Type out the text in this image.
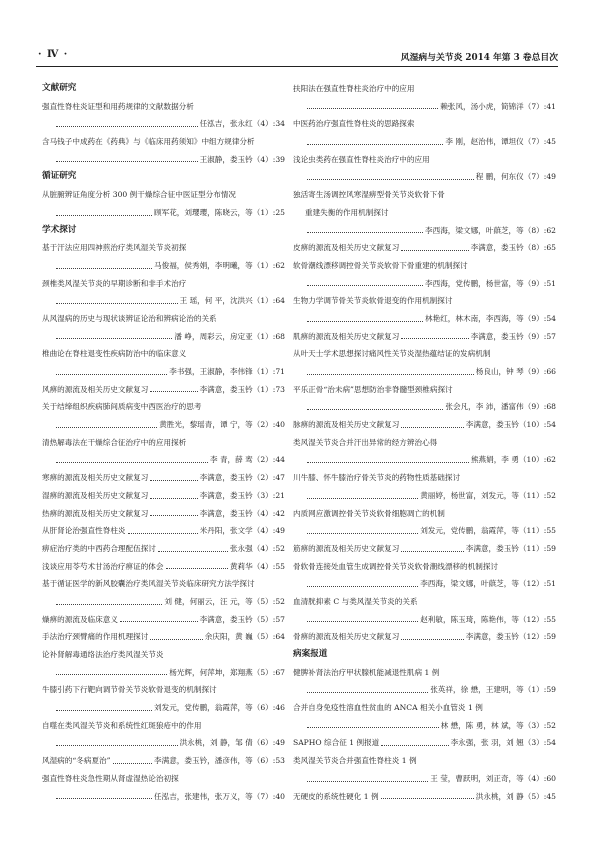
· Ⅳ ·	风湿病与关节炎 2014 年第 3 卷总目次
文献研究
强直性脊柱炎证型和用药规律的文献数据分析
任泓吉，张永红（4）:34
含马钱子中成药在《药典》与《临床用药须知》中组方规律分析
王淑静，娄玉钤（4）:39
循证研究
从脏腑辨证角度分析 300 例干燥综合征中医证型分布情况
顾军花，刘璎璎，陈晓云，等（1）:25
学术探讨
基于汗法应用四神煎治疗类风湿关节炎初探
马俊福，侯秀娟，李明曦，等（1）:62
颈椎类风湿关节炎的早期诊断和非手术治疗
王 瑶，何 平，沈洪兴（1）:64
从风湿病的历史与现状谈辨证论治和辨病论治的关系
潘 峥，周彩云，房定亚（1）:68
椎曲论在脊柱退变性疾病防治中的临床意义
李书强，王淑静，李伟锋（1）:71
风痹的源流及相关历史文献复习	李满意，娄玉钤（1）:73
关于结缔组织疾病肺间质病变中西医治疗的思考
黄胜光，黎瑶青，谭 宁，等（2）:40
清热解毒法在干燥综合征治疗中的应用探析
李 青，薛 鸾（2）:44
寒痹的源流及相关历史文献复习	李满意，娄玉钤（2）:47
湿痹的源流及相关历史文献复习	李满意，娄玉钤（3）:21
热痹的源流及相关历史文献复习	李满意，娄玉钤（4）:42
从肝肾论治强直性脊柱炎	米丹阳，张文学（4）:49
痹症治疗类的中西药合理配伍探讨	张永强（4）:52
浅谈应用苓芍术甘汤治疗痹证的体会	黄莉华（4）:55
基于循证医学的新风胶囊治疗类风湿关节炎临床研究方法学探讨
刘 健，何丽云，汪 元，等（5）:52
燥痹的源流及临床意义	李满意，娄玉钤（5）:57
手法治疗颈臂痛的作用机理探讨	余庆阳，黄 巍（5）:64
论补肾解毒通络法治疗类风湿关节炎
杨光辉，何萍坤，郑翔燕（5）:67
牛膝引药下行靶向调节骨关节炎软骨退变的机制探讨
刘发元，党传鹏，翁霞萍，等（6）:46
自噬在类风湿关节炎和系统性红斑狼疮中的作用
洪永桃，刘 静，邹 倩（6）:49
风湿病的“冬病夏治”	李满意，娄玉钤，潘彦伟，等（6）:53
强直性脊柱炎急性期从肾虚湿热论治初探
任泓吉，张建伟，张万义，等（7）:40
扶阳法在强直性脊柱炎治疗中的应用
赖张风，汤小虎，简锦洋（7）:41
中医药治疗强直性脊柱炎的思路探索
李 刚，赵治伟，谭坦仪（7）:45
浅论虫类药在强直性脊柱炎治疗中的应用
程 鹏，何东仪（7）:49
独活寄生汤调控风寒湿痹型骨关节炎软骨下骨
重建失衡的作用机制探讨
李西海，梁文娜，叶蕻芝，等（8）:62
皮痹的源流及相关历史文献复习	李满意，娄玉钤（8）:65
软骨潮线漂移调控骨关节炎软骨下骨重建的机制探讨
李西海，党传鹏，杨世富，等（9）:51
生物力学调节骨关节炎软骨退变的作用机制探讨
林艳红，林木南，李西海，等（9）:54
肌痹的源流及相关历史文献复习	李满意，娄玉钤（9）:57
从叶天士学术思想探讨痛风性关节炎湿热蕴结证的发病机制
杨良山，钟 琴（9）:66
平乐正骨“治未病”思想防治非脊髓型颈椎病探讨
张会凡，李 沛，潘富伟（9）:68
脉痹的源流及相关历史文献复习	李满意，娄玉钤（10）:54
类风湿关节炎合并汗出异常的经方辨治心得
熊燕娟，李 勇（10）:62
川牛膝、怀牛膝治疗骨关节炎的药物性质基础探讨
黄丽婷，杨世富，刘发元，等（11）:52
内质网应激调控骨关节炎软骨细胞凋亡的机制
刘发元，党传鹏，翁霞萍，等（11）:55
筋痹的源流及相关历史文献复习	李满意，娄玉钤（11）:59
骨软骨连接处血管生成调控骨关节炎软骨潮线漂移的机制探讨
李西海，梁文娜，叶蕻芝，等（12）:51
血清胱抑素 C 与类风湿关节炎的关系
赵利敏，陈玉琦，陈艳伟，等（12）:55
骨痹的源流及相关历史文献复习	李满意，娄玉钤（12）:59
病案报道
健脾补肾法治疗甲状腺机能减退性肌病 1 例
张英祥，徐 懋，王建明，等（1）:59
合并自身免疫性溶血性贫血的 ANCA 相关小血管炎 1 例
林 懋，陈 勇，林 斌，等（3）:52
SAPHO 综合征 1 例报道	李永强，张 羽，刘 翘（3）:54
类风湿关节炎合并强直性脊柱炎 1 例
王 莹，曹跃明，刘正奇，等（4）:60
无硬皮的系统性硬化 1 例	洪永桃，刘 静（5）:45
